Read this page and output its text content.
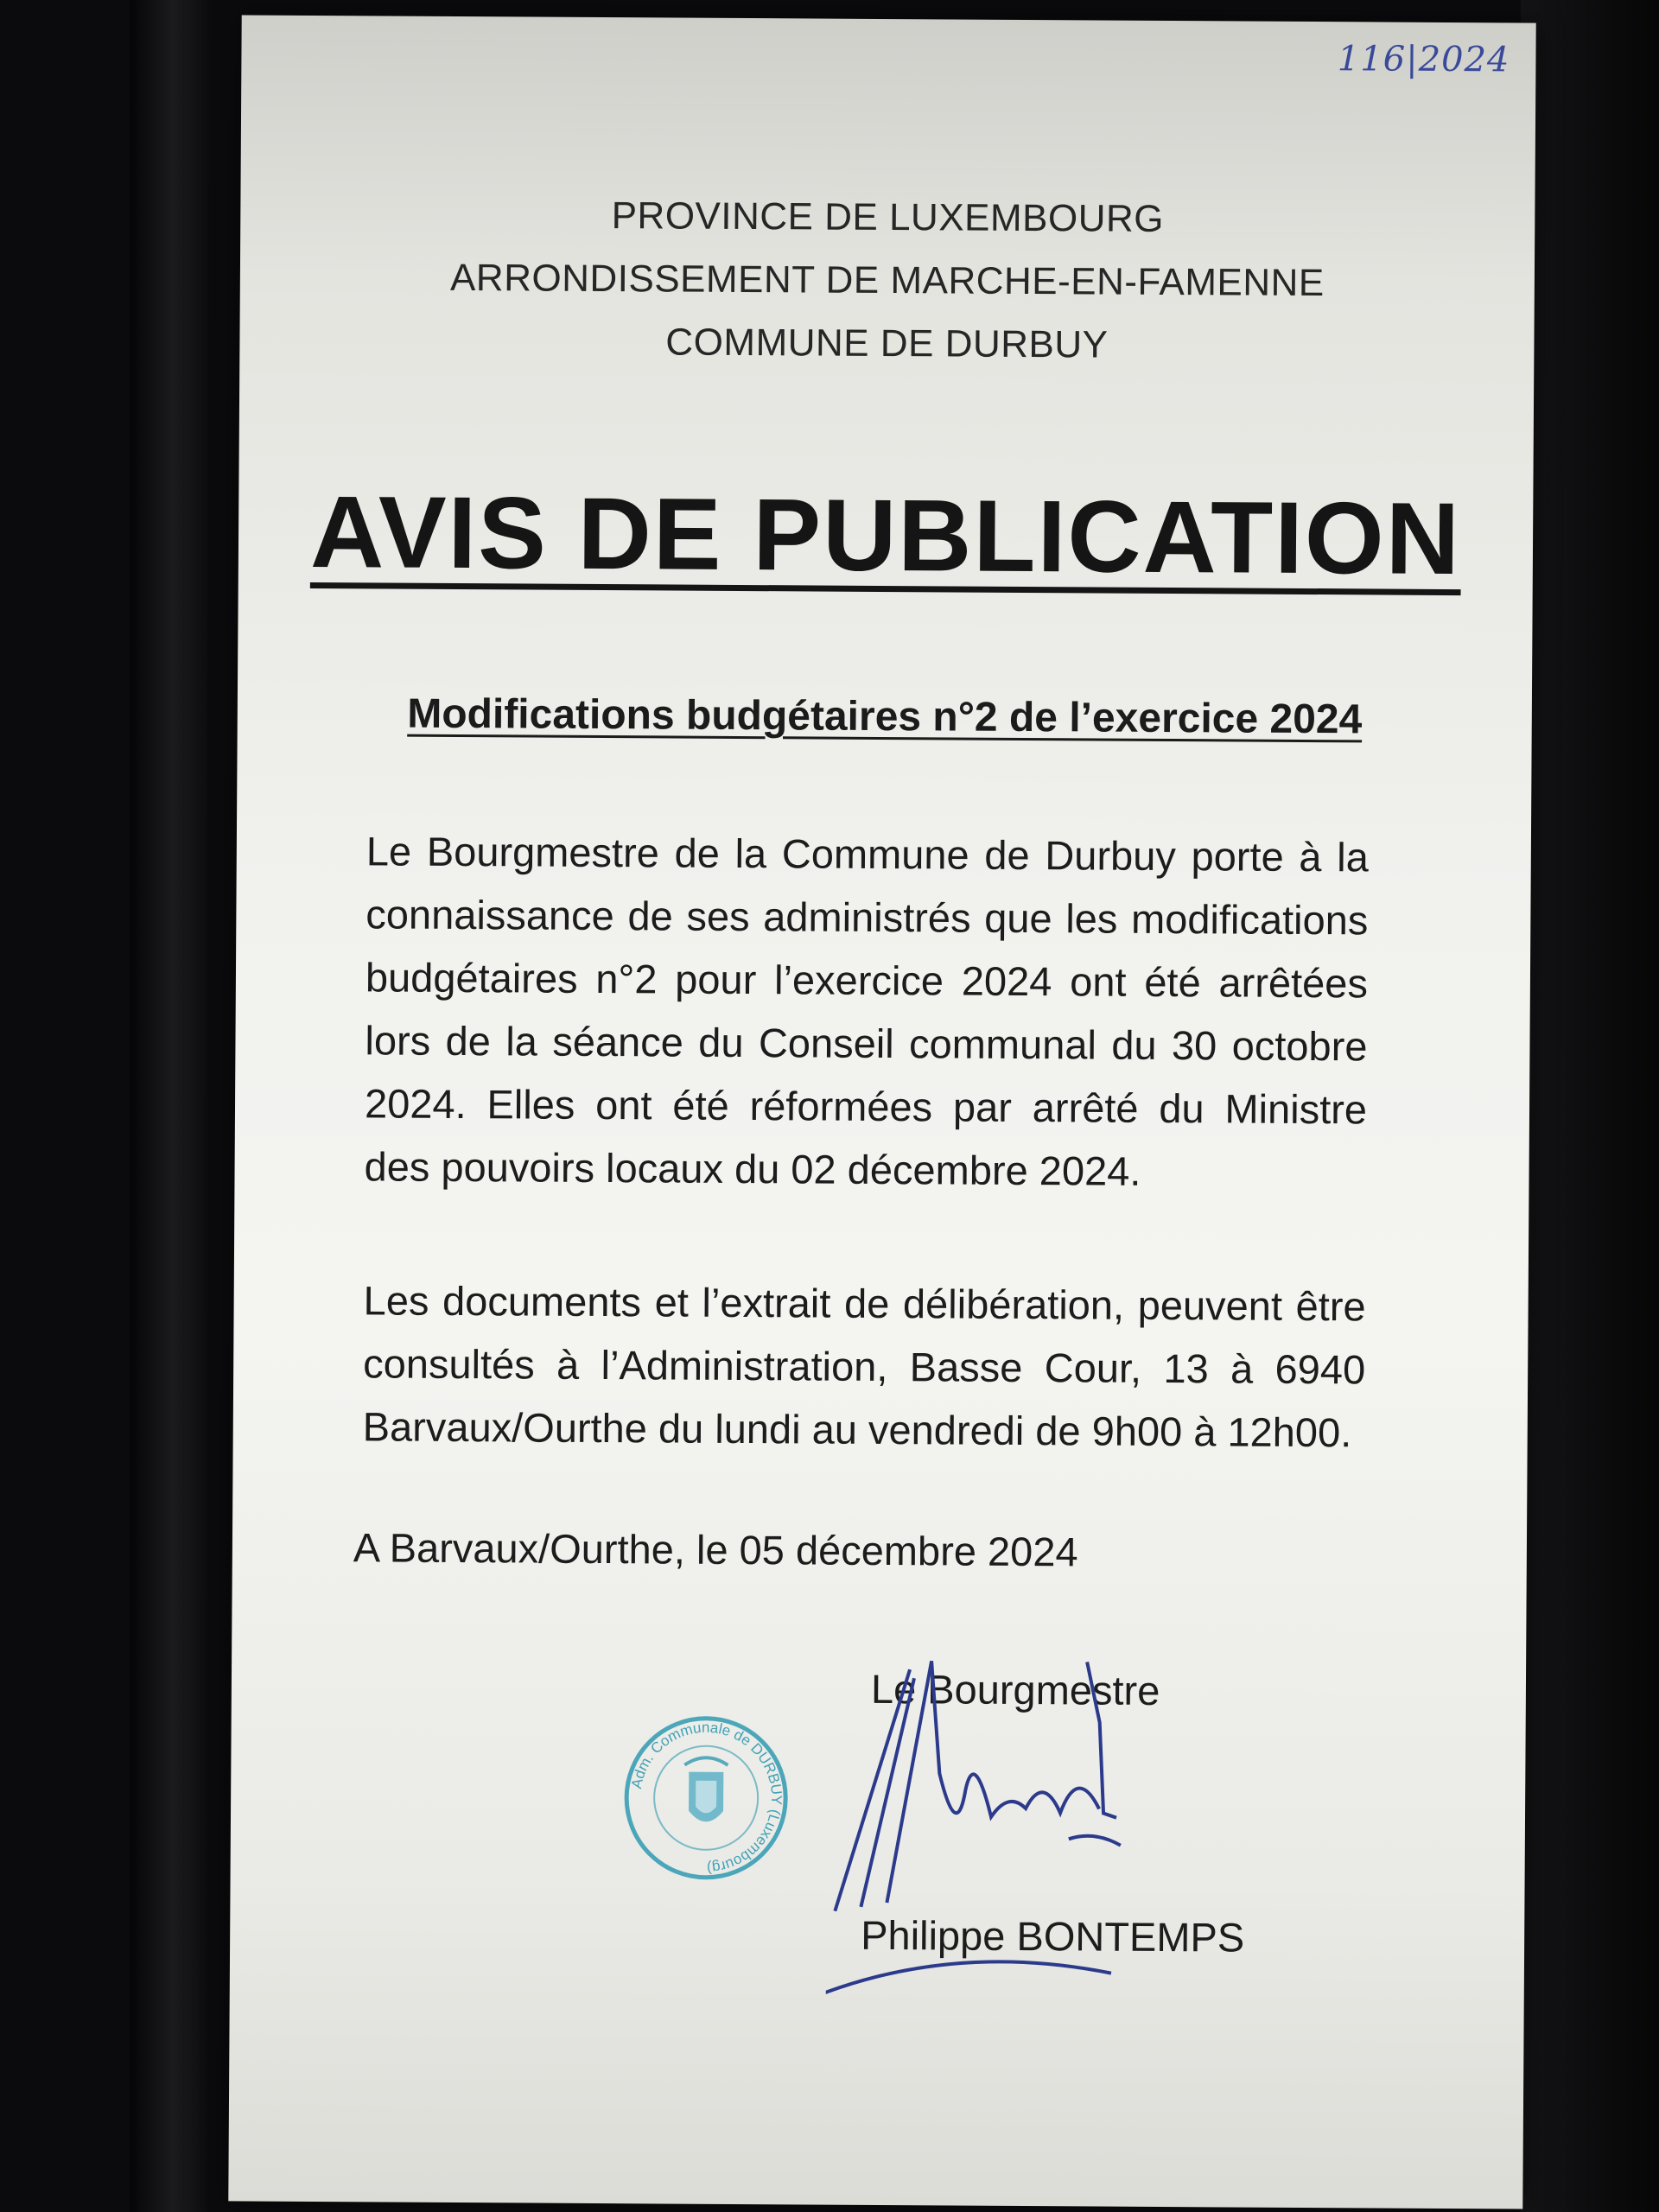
116|2024
PROVINCE DE LUXEMBOURG
ARRONDISSEMENT DE MARCHE-EN-FAMENNE
COMMUNE DE DURBUY
AVIS DE PUBLICATION
Modifications budgétaires n°2 de l’exercice 2024
Le Bourgmestre de la Commune de Durbuy porte à la connaissance de ses administrés que les modifications budgétaires n°2 pour l’exercice 2024 ont été arrêtées lors de la séance du Conseil communal du 30 octobre 2024. Elles ont été réformées par arrêté du Ministre des pouvoirs locaux du 02 décembre 2024.
Les documents et l’extrait de délibération, peuvent être consultés à l’Administration, Basse Cour, 13 à 6940 Barvaux/Ourthe du lundi au vendredi de 9h00 à 12h00.
A Barvaux/Ourthe, le 05 décembre 2024
Le Bourgmestre
Adm. Communale de DURBUY (Luxembourg)
Philippe BONTEMPS
